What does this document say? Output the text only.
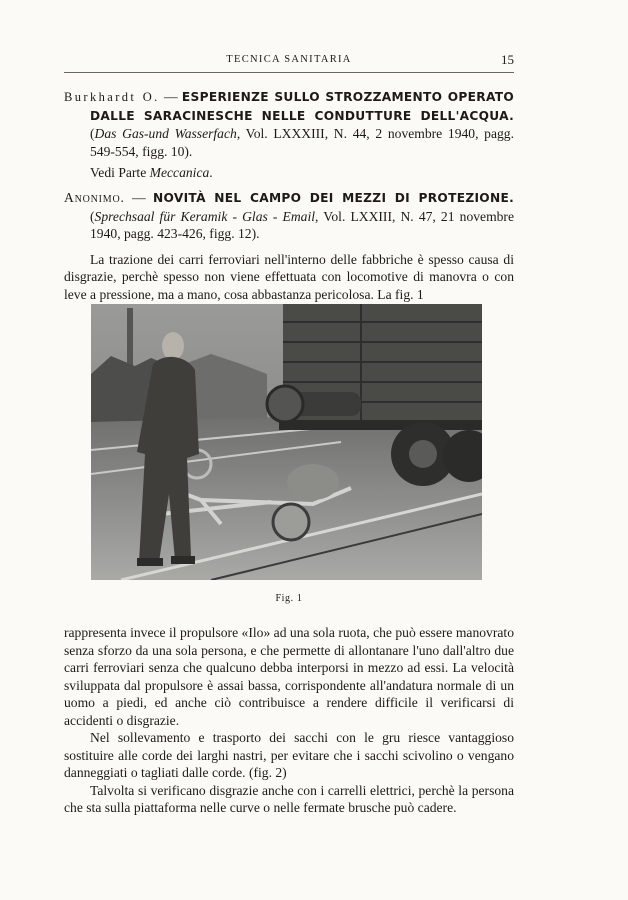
TECNICA SANITARIA	15

Burkhardt O. — ESPERIENZE SULLO STROZZAMENTO OPERATO DALLE SARACINESCHE NELLE CONDUTTURE DELL'ACQUA. (Das Gas-und Wasserfach, Vol. LXXXIII, N. 44, 2 novembre 1940, pagg. 549-554, figg. 10).

Vedi Parte Meccanica.

Anonimo. — NOVITÀ NEL CAMPO DEI MEZZI DI PROTEZIONE. (Sprechsaal für Keramik - Glas - Email, Vol. LXXIII, N. 47, 21 novembre 1940, pagg. 423-426, figg. 12).

La trazione dei carri ferroviari nell'interno delle fabbriche è spesso causa di disgrazie, perchè spesso non viene effettuata con locomotive di manovra o con leve a pressione, ma a mano, cosa abbastanza pericolosa. La fig. 1

Fig. 1

rappresenta invece il propulsore «Ilo» ad una sola ruota, che può essere manovrato senza sforzo da una sola persona, e che permette di allontanare l'uno dall'altro due carri ferroviari senza che qualcuno debba interporsi in mezzo ad essi. La velocità sviluppata dal propulsore è assai bassa, corrispondente all'andatura normale di un uomo a piedi, ed anche ciò contribuisce a rendere difficile il verificarsi di accidenti o disgrazie.

Nel sollevamento e trasporto dei sacchi con le gru riesce vantaggioso sostituire alle corde dei larghi nastri, per evitare che i sacchi scivolino o vengano danneggiati o tagliati dalle corde. (fig. 2)

Talvolta si verificano disgrazie anche con i carrelli elettrici, perchè la persona che sta sulla piattaforma nelle curve o nelle fermate brusche può cadere.
